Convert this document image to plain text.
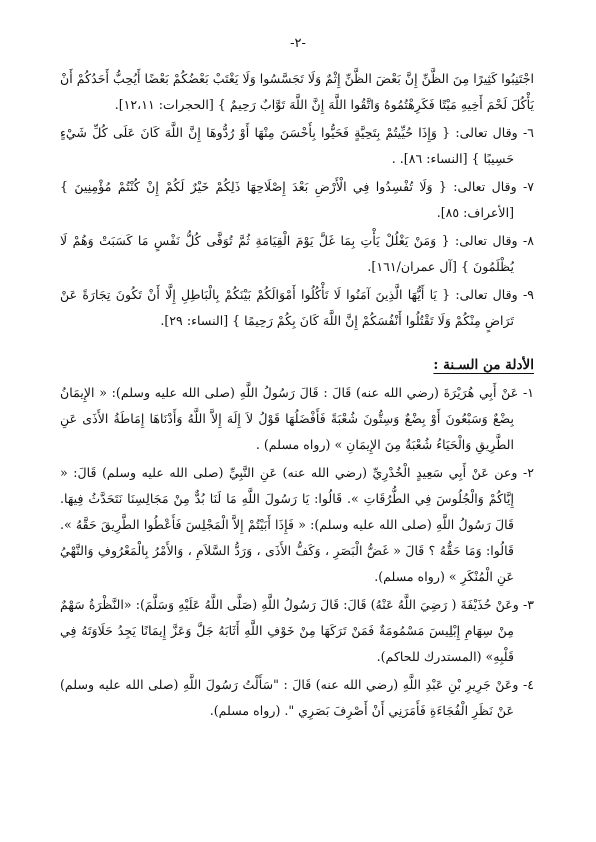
-٢-

اجْتَنِبُوا كَثِيرًا مِنَ الظَّنِّ إِنَّ بَعْضَ الظَّنِّ إِثْمٌ وَلَا تَجَسَّسُوا وَلَا يَغْتَبْ بَعْضُكُمْ بَعْضًا أَيُحِبُّ أَحَدُكُمْ أَنْ يَأْكُلَ لَحْمَ أَخِيهِ مَيْتًا فَكَرِهْتُمُوهُ وَاتَّقُوا اللَّهَ إِنَّ اللَّهَ تَوَّابٌ رَحِيمٌ } [الحجرات: ١٢،١١].

٦- وقال تعالى: { وَإِذَا حُيِّيتُمْ بِتَحِيَّةٍ فَحَيُّوا بِأَحْسَنَ مِنْهَا أَوْ رُدُّوهَا إِنَّ اللَّهَ كَانَ عَلَى كُلِّ شَيْءٍ حَسِيبًا } [النساء: ٨٦]. .

٧- وقال تعالى: { وَلَا تُفْسِدُوا فِي الْأَرْضِ بَعْدَ إِصْلَاحِهَا ذَلِكُمْ خَيْرٌ لَكُمْ إِنْ كُنْتُمْ مُؤْمِنِينَ } [الأعراف: ٨٥].

٨- وقال تعالى: { وَمَنْ يَغْلُلْ يَأْتِ بِمَا غَلَّ يَوْمَ الْقِيَامَةِ ثُمَّ تُوَفَّى كُلُّ نَفْسٍ مَا كَسَبَتْ وَهُمْ لَا يُظْلَمُونَ } [آل عمران/١٦١].

٩- وقال تعالى: { يَا أَيُّهَا الَّذِينَ آمَنُوا لَا تَأْكُلُوا أَمْوَالَكُمْ بَيْنَكُمْ بِالْبَاطِلِ إِلَّا أَنْ تَكُونَ تِجَارَةً عَنْ تَرَاضٍ مِنْكُمْ وَلَا تَقْتُلُوا أَنْفُسَكُمْ إِنَّ اللَّهَ كَانَ بِكُمْ رَحِيمًا } [النساء: ٢٩].

الأدلة من السـنة :

١- عَنْ أَبِي هُرَيْرَةَ (رضي الله عنه) قَالَ : قَالَ رَسُولُ اللَّهِ (صلى الله عليه وسلم): « الإِيمَانُ بِضْعٌ وَسَبْعُونَ أَوْ بِضْعٌ وَسِتُّونَ شُعْبَةً فَأَفْضَلُهَا قَوْلُ لاَ إِلَهَ إِلاَّ اللَّهُ وَأَدْنَاهَا إِمَاطَةُ الأَذَى عَنِ الطَّرِيقِ وَالْحَيَاءُ شُعْبَةٌ مِنَ الإِيمَانِ » (رواه مسلم) .

٢- وعن عَنْ أَبِي سَعِيدٍ الْخُدْرِيِّ (رضي الله عنه) عَنِ النَّبِيِّ (صلى الله عليه وسلم) قَالَ: « إِيَّاكُمْ وَالْجُلُوسَ فِي الطُّرُقَاتِ ». قَالُوا: يَا رَسُولَ اللَّهِ مَا لَنَا بُدٌّ مِنْ مَجَالِسِنَا نَتَحَدَّثُ فِيهَا. قَالَ رَسُولُ اللَّهِ (صلى الله عليه وسلم): « فَإِذَا أَبَيْتُمْ إِلاَّ الْمَجْلِسَ فَأَعْطُوا الطَّرِيقَ حَقَّهُ ». قَالُوا: وَمَا حَقُّهُ ؟ قَالَ « غَضُّ الْبَصَرِ ، وَكَفُّ الأَذَى ، وَرَدُّ السَّلاَمِ ، وَالأَمْرُ بِالْمَعْرُوفِ وَالنَّهْيُ عَنِ الْمُنْكَرِ » (رواه مسلم).

٣- وعَنْ حُذَيْفَةَ ( رَضِيَ اللَّهُ عَنْهُ) قَالَ: قَالَ رَسُولُ اللَّهِ (صَلَّى اللَّهُ عَلَيْهِ وَسَلَّمَ): «النَّظْرَةُ سَهْمٌ مِنْ سِهَامِ إِبْلِيسَ مَسْمُومَةٌ فَمَنْ تَرَكَهَا مِنْ خَوْفِ اللَّهِ أَثَابَهُ جَلَّ وَعَزَّ إِيمَانًا يَجِدُ حَلَاوَتَهُ فِي قَلْبِهِ» (المستدرك للحاكم).

٤- وعَنْ جَرِيرِ بْنِ عَبْدِ اللَّهِ (رضي الله عنه) قَالَ : "سَأَلْتُ رَسُولَ اللَّهِ (صلى الله عليه وسلم) عَنْ نَظَرِ الْفُجَاءَةِ فَأَمَرَنِي أَنْ أَصْرِفَ بَصَرِي ". (رواه مسلم).
